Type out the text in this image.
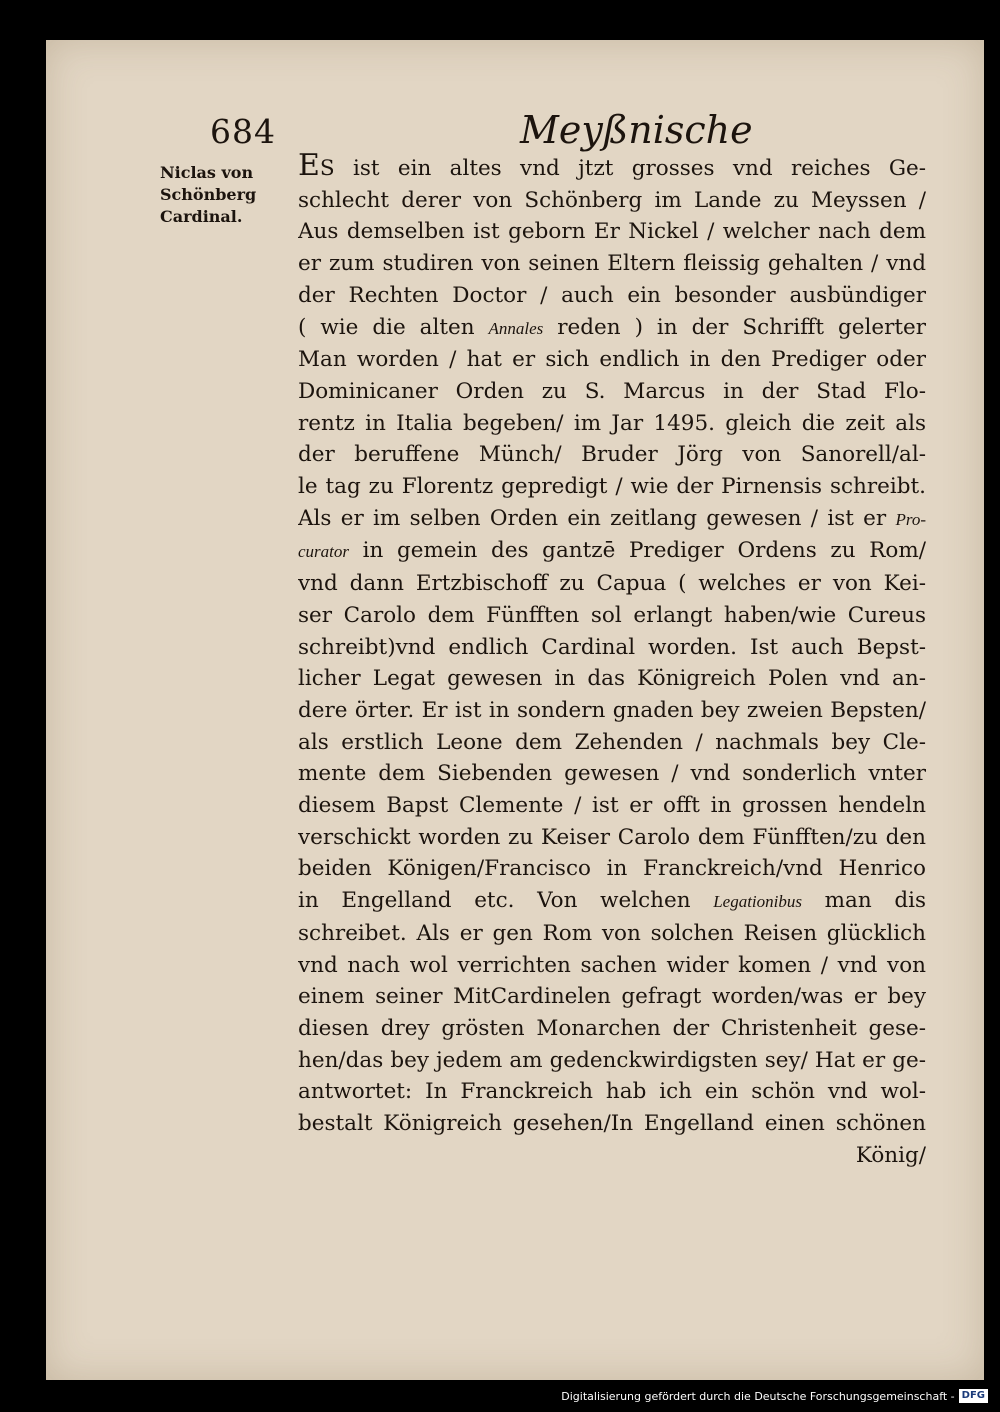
684	Meyßnische
Niclas von
Schönberg
Cardinal.
ES ist ein altes vnd jtzt grosses vnd reiches Ge-
schlecht derer von Schönberg im Lande zu Meyssen /
Aus demselben ist geborn Er Nickel / welcher nach dem
er zum studiren von seinen Eltern fleissig gehalten / vnd
der Rechten Doctor / auch ein besonder ausbündiger
( wie die alten Annales reden ) in der Schrifft gelerter
Man worden / hat er sich endlich in den Prediger oder
Dominicaner Orden zu S. Marcus in der Stad Flo-
rentz in Italia begeben/ im Jar 1495. gleich die zeit als
der beruffene Münch/ Bruder Jörg von Sanorell/al-
le tag zu Florentz gepredigt / wie der Pirnensis schreibt.
Als er im selben Orden ein zeitlang gewesen / ist er Pro-
curator in gemein des gantzē Prediger Ordens zu Rom/
vnd dann Ertzbischoff zu Capua ( welches er von Kei-
ser Carolo dem Fünfften sol erlangt haben/wie Cureus
schreibt)vnd endlich Cardinal worden. Ist auch Bepst-
licher Legat gewesen in das Königreich Polen vnd an-
dere örter. Er ist in sondern gnaden bey zweien Bepsten/
als erstlich Leone dem Zehenden / nachmals bey Cle-
mente dem Siebenden gewesen / vnd sonderlich vnter
diesem Bapst Clemente / ist er offt in grossen hendeln
verschickt worden zu Keiser Carolo dem Fünfften/zu den
beiden Königen/Francisco in Franckreich/vnd Henrico
in Engelland etc. Von welchen Legationibus man dis
schreibet. Als er gen Rom von solchen Reisen glücklich
vnd nach wol verrichten sachen wider komen / vnd von
einem seiner MitCardinelen gefragt worden/was er bey
diesen drey grösten Monarchen der Christenheit gese-
hen/das bey jedem am gedenckwirdigsten sey/ Hat er ge-
antwortet: In Franckreich hab ich ein schön vnd wol-
bestalt Königreich gesehen/In Engelland einen schönen
König/
Digitalisierung gefördert durch die Deutsche Forschungsgemeinschaft - DFG
